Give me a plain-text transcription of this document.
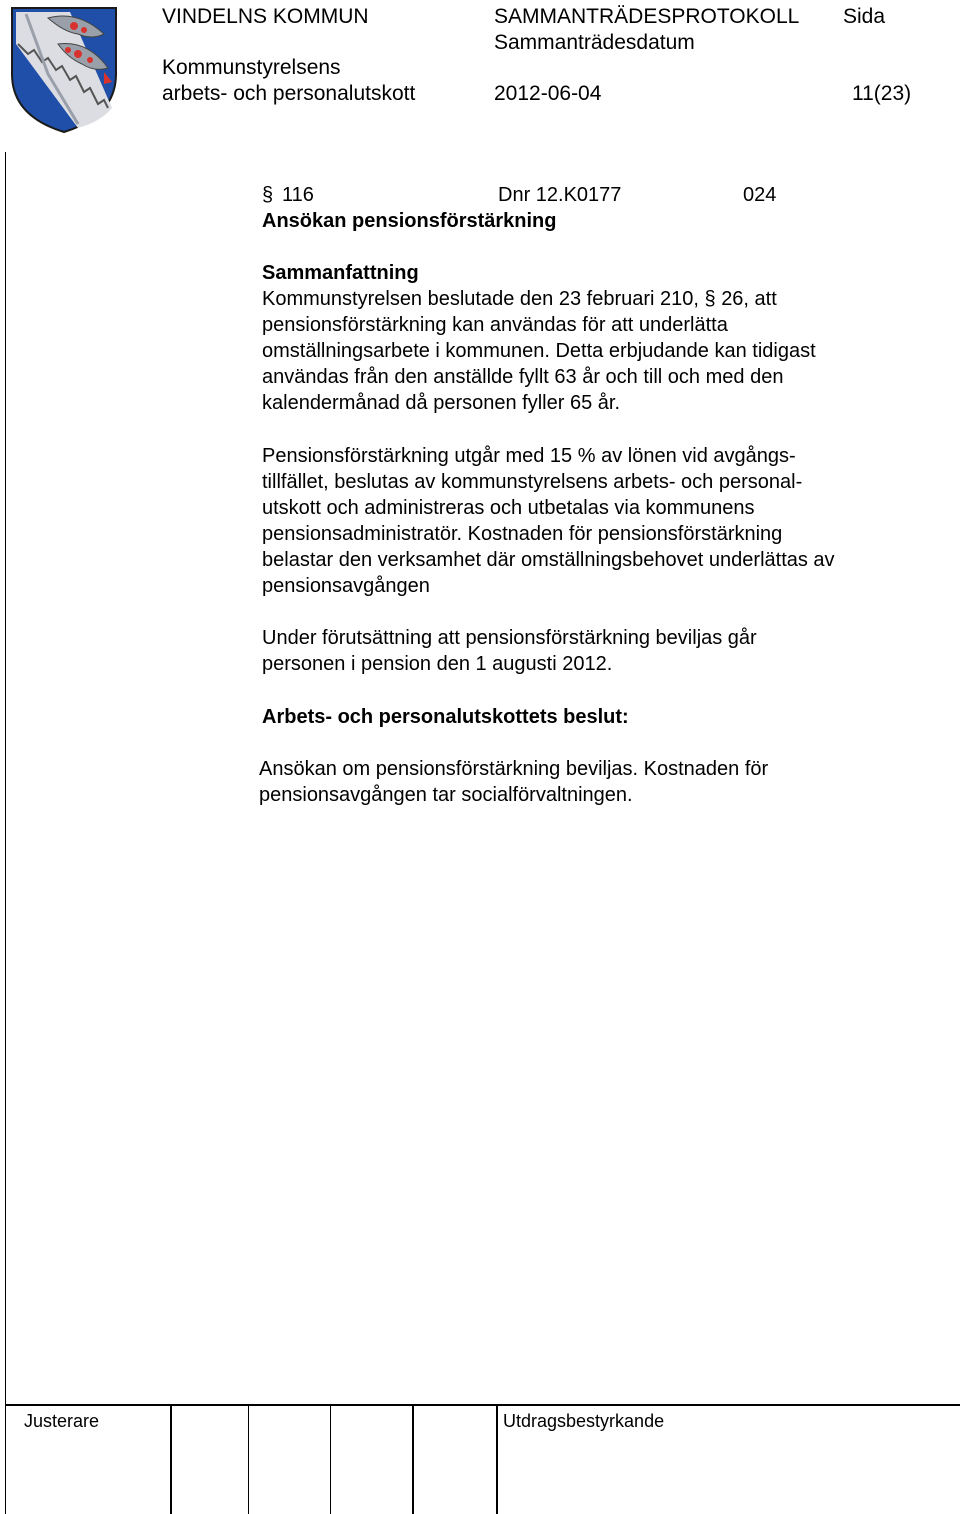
VINDELNS KOMMUN	SAMMANTRÄDESPROTOKOLL Sida
Sammanträdesdatum
Kommunstyrelsens
arbets- och personalutskott	2012-06-04	11(23)
§ 116	Dnr 12.K0177	024
Ansökan pensionsförstärkning
Sammanfattning
Kommunstyrelsen beslutade den 23 februari 210, § 26, att
pensionsförstärkning kan användas för att underlätta
omställningsarbete i kommunen. Detta erbjudande kan tidigast
användas från den anställde fyllt 63 år och till och med den
kalendermånad då personen fyller 65 år.
Pensionsförstärkning utgår med 15 % av lönen vid avgångs-
tillfället, beslutas av kommunstyrelsens arbets- och personal-
utskott och administreras och utbetalas via kommunens
pensionsadministratör. Kostnaden för pensionsförstärkning
belastar den verksamhet där omställningsbehovet underlättas av
pensionsavgången
Under förutsättning att pensionsförstärkning beviljas går
personen i pension den 1 augusti 2012.
Arbets- och personalutskottets beslut:
Ansökan om pensionsförstärkning beviljas. Kostnaden för
pensionsavgången tar socialförvaltningen.
Justerare	Utdragsbestyrkande
